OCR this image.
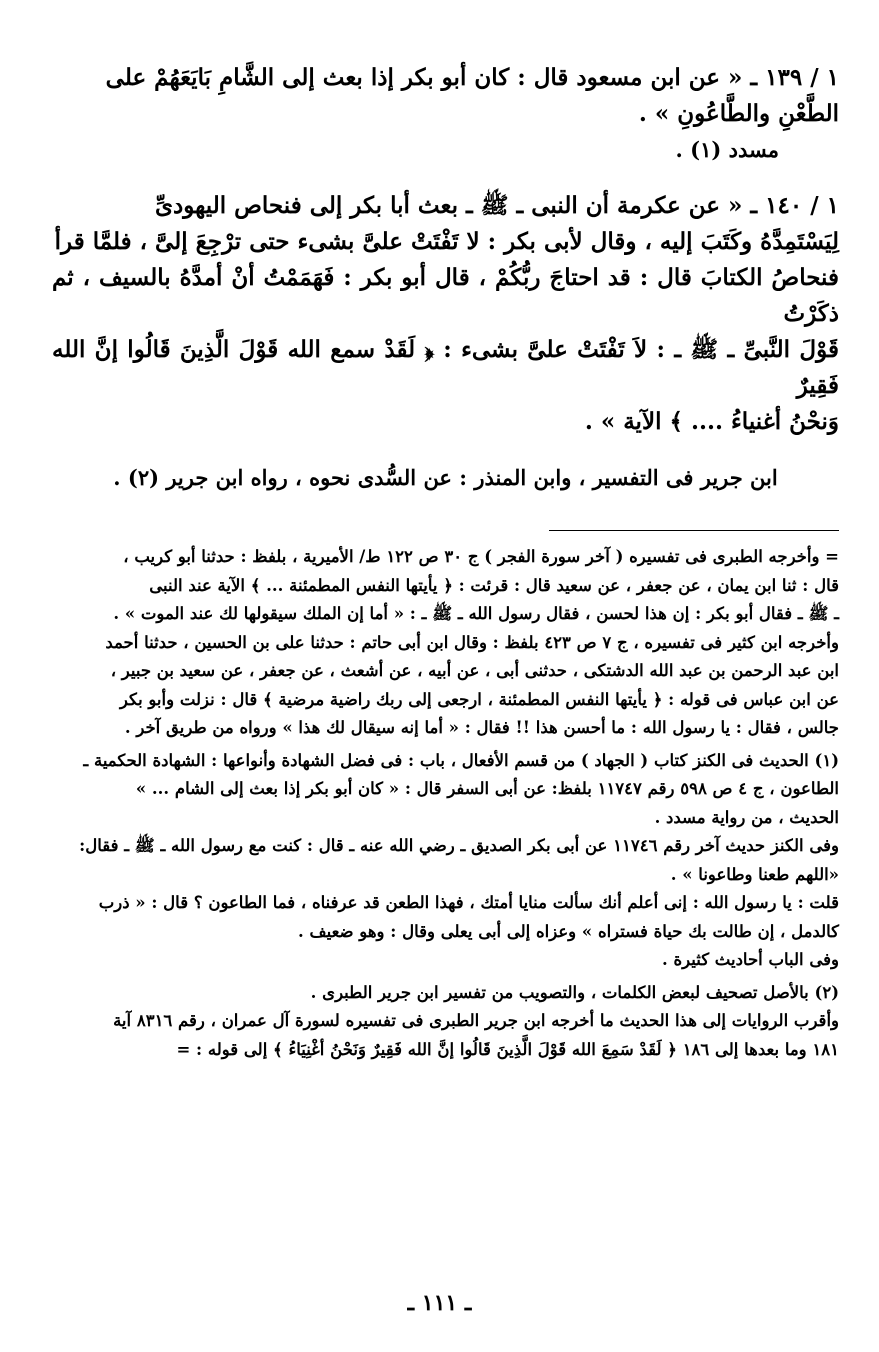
١ / ١٣٩ ـ « عن ابن مسعود قال : كان أبو بكر إذا بعث إلى الشَّامِ بَايَعَهُمْ على

الطَّعْنِ والطَّاعُونِ » .

مسدد (١) .

١ / ١٤٠ ـ « عن عكرمة أن النبى ـ ﷺ ـ بعث أبا بكر إلى فنحاص اليهودىِّ

لِيَسْتَمِدَّهُ وكَتَبَ إليه ، وقال لأبى بكر : لا تَفْتَتْ علىَّ بشىء حتى ترْجِعَ إلىَّ ، فلمَّا قرأ

فنحاصُ الكتابَ قال : قد احتاجَ ربُّكُمْ ، قال أبو بكر : فَهَمَمْتُ أنْ أمدَّهُ بالسيف ، ثم ذكَرْتُ

قَوْلَ النَّبىِّ ـ ﷺ ـ : لاَ تَفْتَتْ علىَّ بشىء : ﴿ لَقَدْ سمع الله قَوْلَ الَّذِينَ قَالُوا إنَّ الله فَقِيرٌ

وَنحْنُ أغنياءُ .... ﴾ الآية » .

ابن جرير فى التفسير ، وابن المنذر : عن السُّدى نحوه ، رواه ابن جرير (٢) .

= وأخرجه الطبرى فى تفسيره ( آخر سورة الفجر ) ج ٣٠ ص ١٢٢ ط/ الأميرية ، بلفظ : حدثنا أبو كريب ،

قال : ثنا ابن يمان ، عن جعفر ، عن سعيد قال : قرئت : ﴿ يأيتها النفس المطمئنة ... ﴾ الآية عند النبى

ـ ﷺ ـ فقال أبو بكر : إن هذا لحسن ، فقال رسول الله ـ ﷺ ـ : « أما إن الملك سيقولها لك عند الموت » .

وأخرجه ابن كثير فى تفسيره ، ج ٧ ص ٤٢٣ بلفظ : وقال ابن أبى حاتم : حدثنا على بن الحسين ، حدثنا أحمد

ابن عبد الرحمن بن عبد الله الدشتكى ، حدثنى أبى ، عن أبيه ، عن أشعث ، عن جعفر ، عن سعيد بن جبير ،

عن ابن عباس فى قوله : ﴿ يأيتها النفس المطمئنة ، ارجعى إلى ربك راضية مرضية ﴾ قال : نزلت وأبو بكر

جالس ، فقال : يا رسول الله : ما أحسن هذا !! فقال : « أما إنه سيقال لك هذا » ورواه من طريق آخر .

(١) الحديث فى الكنز كتاب ( الجهاد ) من قسم الأفعال ، باب : فى فضل الشهادة وأنواعها : الشهادة الحكمية ـ

الطاعون ، ج ٤ ص ٥٩٨ رقم ١١٧٤٧ بلفظ: عن أبى السفر قال : « كان أبو بكر إذا بعث إلى الشام ... »

الحديث ، من رواية مسدد .

وفى الكنز حديث آخر رقم ١١٧٤٦ عن أبى بكر الصديق ـ رضي الله عنه ـ قال : كنت مع رسول الله ـ ﷺ ـ فقال:

«اللهم طعنا وطاعونا » .

قلت : يا رسول الله : إنى أعلم أنك سألت منايا أمتك ، فهذا الطعن قد عرفناه ، فما الطاعون ؟ قال : « ذرب

كالدمل ، إن طالت بك حياة فستراه » وعزاه إلى أبى يعلى وقال : وهو ضعيف .

وفى الباب أحاديث كثيرة .

(٢) بالأصل تصحيف لبعض الكلمات ، والتصويب من تفسير ابن جرير الطبرى .

وأقرب الروايات إلى هذا الحديث ما أخرجه ابن جرير الطبرى فى تفسيره لسورة آل عمران ، رقم ٨٣١٦ آية

١٨١ وما بعدها إلى ١٨٦ ﴿ لَقَدْ سَمِعَ الله قَوْلَ الَّذِينَ قَالُوا إنَّ الله فَقِيرٌ وَنَحْنُ أغْنِيَاءُ ﴾ إلى قوله : =

ـ ١١١ ـ
